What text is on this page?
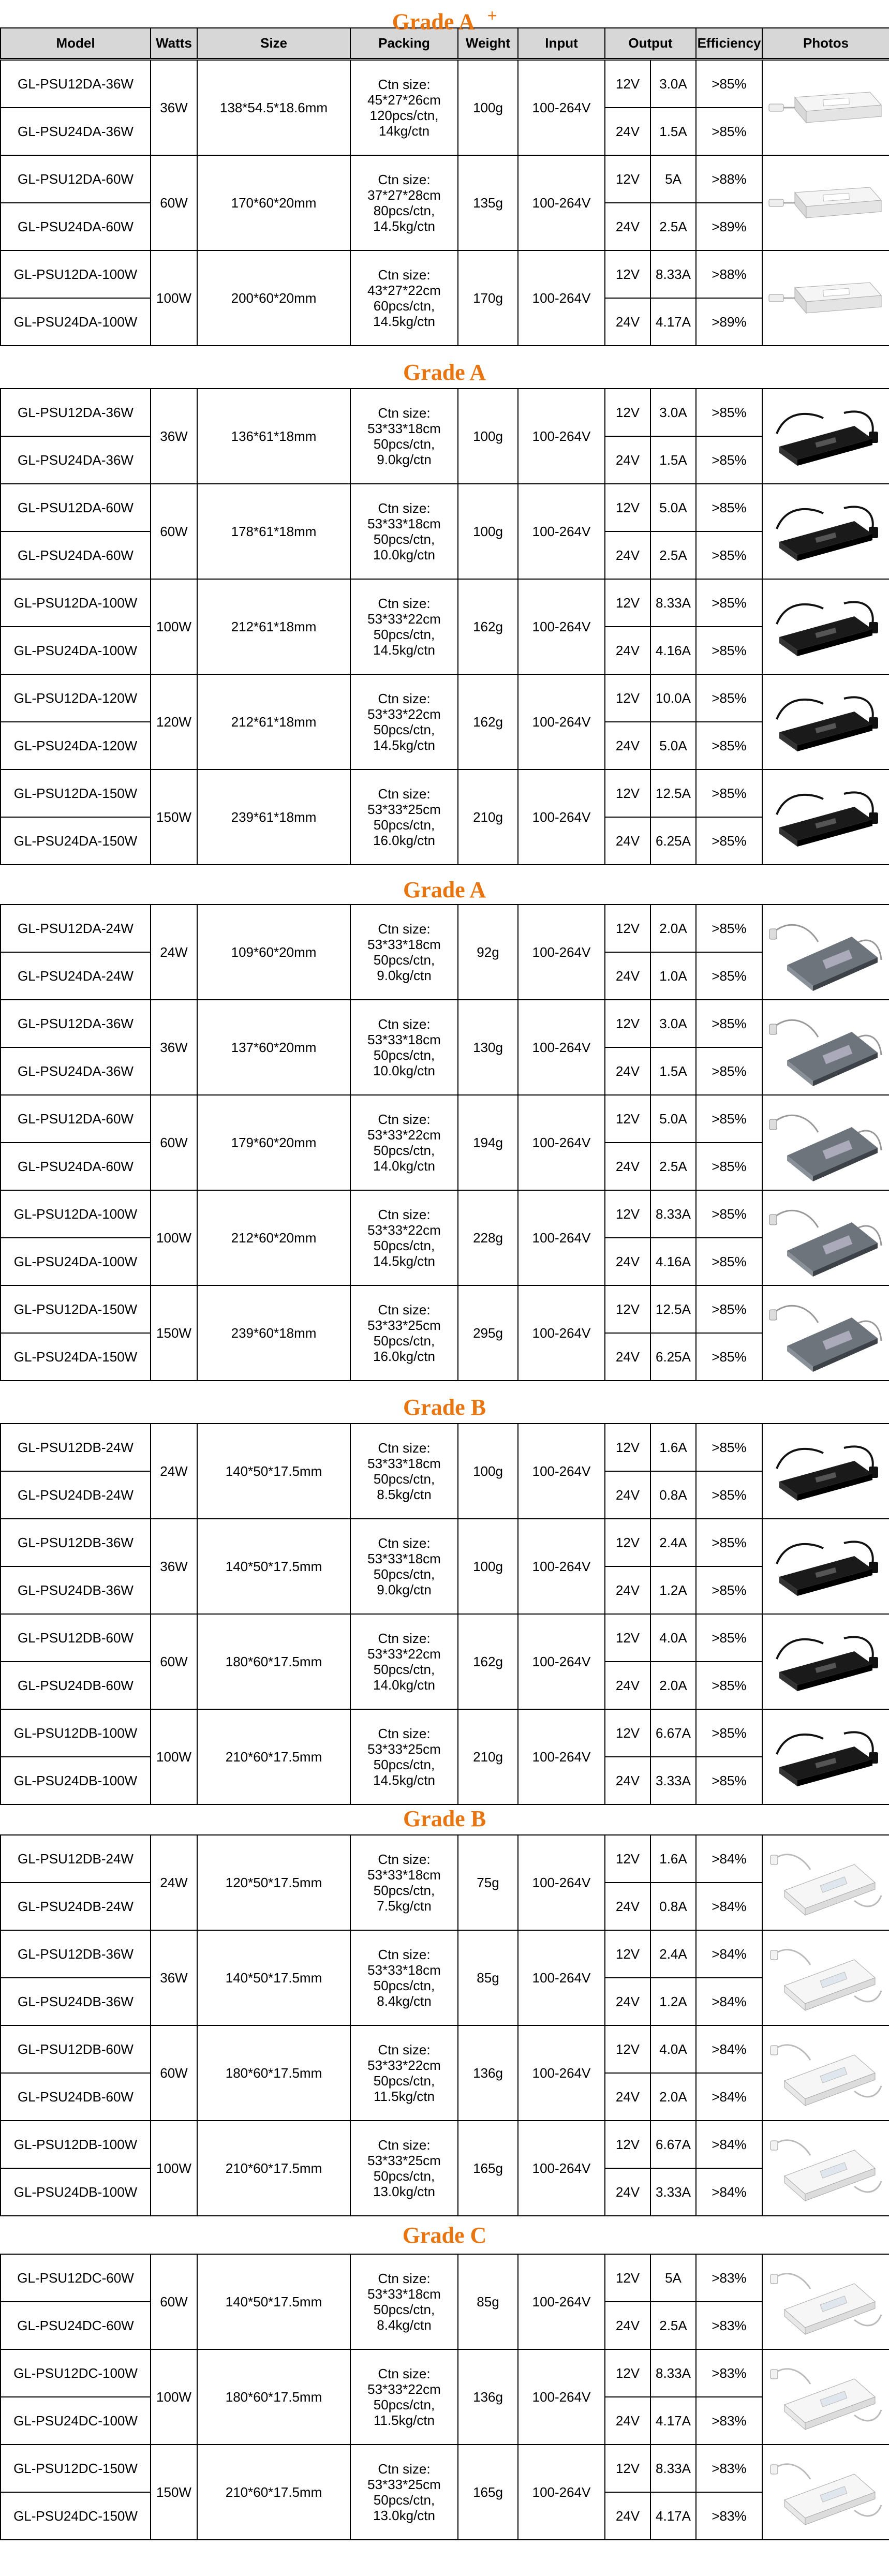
Model	Watts	Size	Packing	Weight	Input	Output	Efficiency	Photos
Grade A +
GL-PSU12DA-36W	36W	138*54.5*18.6mm	Ctn size:
45*27*26cm
120pcs/ctn,
14kg/ctn	100g	100-264V	12V	3.0A	>85%	

GL-PSU24DA-36W						24V	1.5A	>85%	
GL-PSU12DA-60W	60W	170*60*20mm	Ctn size:
37*27*28cm
80pcs/ctn,
14.5kg/ctn	135g	100-264V	12V	5A	>88%	

GL-PSU24DA-60W						24V	2.5A	>89%	
GL-PSU12DA-100W	100W	200*60*20mm	Ctn size:
43*27*22cm
60pcs/ctn,
14.5kg/ctn	170g	100-264V	12V	8.33A	>88%	

GL-PSU24DA-100W						24V	4.17A	>89%	
Grade A
GL-PSU12DA-36W	36W	136*61*18mm	Ctn size:
53*33*18cm
50pcs/ctn,
9.0kg/ctn	100g	100-264V	12V	3.0A	>85%	

GL-PSU24DA-36W						24V	1.5A	>85%	
GL-PSU12DA-60W	60W	178*61*18mm	Ctn size:
53*33*18cm
50pcs/ctn,
10.0kg/ctn	100g	100-264V	12V	5.0A	>85%	

GL-PSU24DA-60W						24V	2.5A	>85%	
GL-PSU12DA-100W	100W	212*61*18mm	Ctn size:
53*33*22cm
50pcs/ctn,
14.5kg/ctn	162g	100-264V	12V	8.33A	>85%	

GL-PSU24DA-100W						24V	4.16A	>85%	
GL-PSU12DA-120W	120W	212*61*18mm	Ctn size:
53*33*22cm
50pcs/ctn,
14.5kg/ctn	162g	100-264V	12V	10.0A	>85%	

GL-PSU24DA-120W						24V	5.0A	>85%	
GL-PSU12DA-150W	150W	239*61*18mm	Ctn size:
53*33*25cm
50pcs/ctn,
16.0kg/ctn	210g	100-264V	12V	12.5A	>85%	

GL-PSU24DA-150W						24V	6.25A	>85%	
Grade A
GL-PSU12DA-24W	24W	109*60*20mm	Ctn size:
53*33*18cm
50pcs/ctn,
9.0kg/ctn	92g	100-264V	12V	2.0A	>85%	

GL-PSU24DA-24W						24V	1.0A	>85%	
GL-PSU12DA-36W	36W	137*60*20mm	Ctn size:
53*33*18cm
50pcs/ctn,
10.0kg/ctn	130g	100-264V	12V	3.0A	>85%	

GL-PSU24DA-36W						24V	1.5A	>85%	
GL-PSU12DA-60W	60W	179*60*20mm	Ctn size:
53*33*22cm
50pcs/ctn,
14.0kg/ctn	194g	100-264V	12V	5.0A	>85%	

GL-PSU24DA-60W						24V	2.5A	>85%	
GL-PSU12DA-100W	100W	212*60*20mm	Ctn size:
53*33*22cm
50pcs/ctn,
14.5kg/ctn	228g	100-264V	12V	8.33A	>85%	

GL-PSU24DA-100W						24V	4.16A	>85%	
GL-PSU12DA-150W	150W	239*60*18mm	Ctn size:
53*33*25cm
50pcs/ctn,
16.0kg/ctn	295g	100-264V	12V	12.5A	>85%	

GL-PSU24DA-150W						24V	6.25A	>85%	
Grade B
GL-PSU12DB-24W	24W	140*50*17.5mm	Ctn size:
53*33*18cm
50pcs/ctn,
8.5kg/ctn	100g	100-264V	12V	1.6A	>85%	

GL-PSU24DB-24W						24V	0.8A	>85%	
GL-PSU12DB-36W	36W	140*50*17.5mm	Ctn size:
53*33*18cm
50pcs/ctn,
9.0kg/ctn	100g	100-264V	12V	2.4A	>85%	

GL-PSU24DB-36W						24V	1.2A	>85%	
GL-PSU12DB-60W	60W	180*60*17.5mm	Ctn size:
53*33*22cm
50pcs/ctn,
14.0kg/ctn	162g	100-264V	12V	4.0A	>85%	

GL-PSU24DB-60W						24V	2.0A	>85%	
GL-PSU12DB-100W	100W	210*60*17.5mm	Ctn size:
53*33*25cm
50pcs/ctn,
14.5kg/ctn	210g	100-264V	12V	6.67A	>85%	

GL-PSU24DB-100W						24V	3.33A	>85%	
Grade B
GL-PSU12DB-24W	24W	120*50*17.5mm	Ctn size:
53*33*18cm
50pcs/ctn,
7.5kg/ctn	75g	100-264V	12V	1.6A	>84%	

GL-PSU24DB-24W						24V	0.8A	>84%	
GL-PSU12DB-36W	36W	140*50*17.5mm	Ctn size:
53*33*18cm
50pcs/ctn,
8.4kg/ctn	85g	100-264V	12V	2.4A	>84%	

GL-PSU24DB-36W						24V	1.2A	>84%	
GL-PSU12DB-60W	60W	180*60*17.5mm	Ctn size:
53*33*22cm
50pcs/ctn,
11.5kg/ctn	136g	100-264V	12V	4.0A	>84%	

GL-PSU24DB-60W						24V	2.0A	>84%	
GL-PSU12DB-100W	100W	210*60*17.5mm	Ctn size:
53*33*25cm
50pcs/ctn,
13.0kg/ctn	165g	100-264V	12V	6.67A	>84%	

GL-PSU24DB-100W						24V	3.33A	>84%	
Grade C
GL-PSU12DC-60W	60W	140*50*17.5mm	Ctn size:
53*33*18cm
50pcs/ctn,
8.4kg/ctn	85g	100-264V	12V	5A	>83%	

GL-PSU24DC-60W						24V	2.5A	>83%	
GL-PSU12DC-100W	100W	180*60*17.5mm	Ctn size:
53*33*22cm
50pcs/ctn,
11.5kg/ctn	136g	100-264V	12V	8.33A	>83%	

GL-PSU24DC-100W						24V	4.17A	>83%	
GL-PSU12DC-150W	150W	210*60*17.5mm	Ctn size:
53*33*25cm
50pcs/ctn,
13.0kg/ctn	165g	100-264V	12V	8.33A	>83%	

GL-PSU24DC-150W						24V	4.17A	>83%	
